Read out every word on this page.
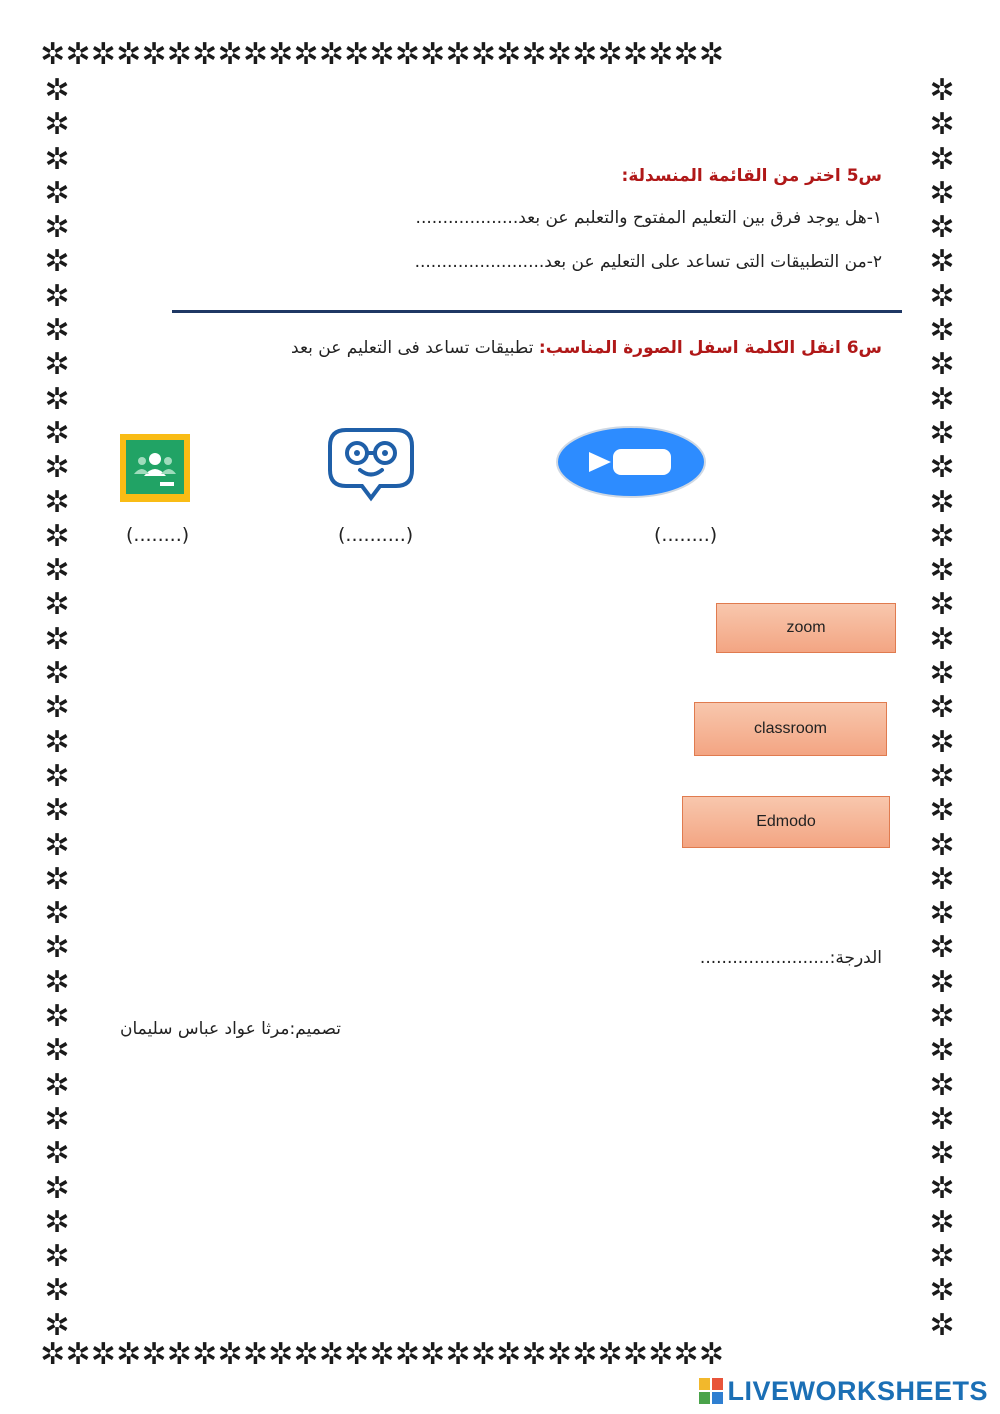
✲✲✲✲✲✲✲✲✲✲✲✲✲✲✲✲✲✲✲✲✲✲✲✲✲✲✲
✲✲✲✲✲✲✲✲✲✲✲✲✲✲✲✲✲✲✲✲✲✲✲✲✲✲✲
✲
✲
✲
✲
✲
✲
✲
✲
✲
✲
✲
✲
✲
✲
✲
✲
✲
✲
✲
✲
✲
✲
✲
✲
✲
✲
✲
✲
✲
✲
✲
✲
✲
✲
✲
✲
✲
✲
✲
✲
✲
✲
✲
✲
✲
✲
✲
✲
✲
✲
✲
✲
✲
✲
✲
✲
✲
✲
✲
✲
✲
✲
✲
✲
✲
✲
✲
✲
✲
✲
✲
✲
✲
✲
س5 اختر من القائمة المنسدلة:
١-هل يوجد فرق بين التعليم المفتوح والتعلبم عن بعد...................
٢-من التطبيقات التى تساعد على التعليم عن بعد........................
س6 انقل الكلمة اسفل الصورة المناسب: تطبيقات تساعد فى التعليم عن بعد
(........)	(..........)	(........)
zoom
classroom
Edmodo
الدرجة:........................
تصميم:مرثا عواد عباس سليمان
LIVEWORKSHEETS
